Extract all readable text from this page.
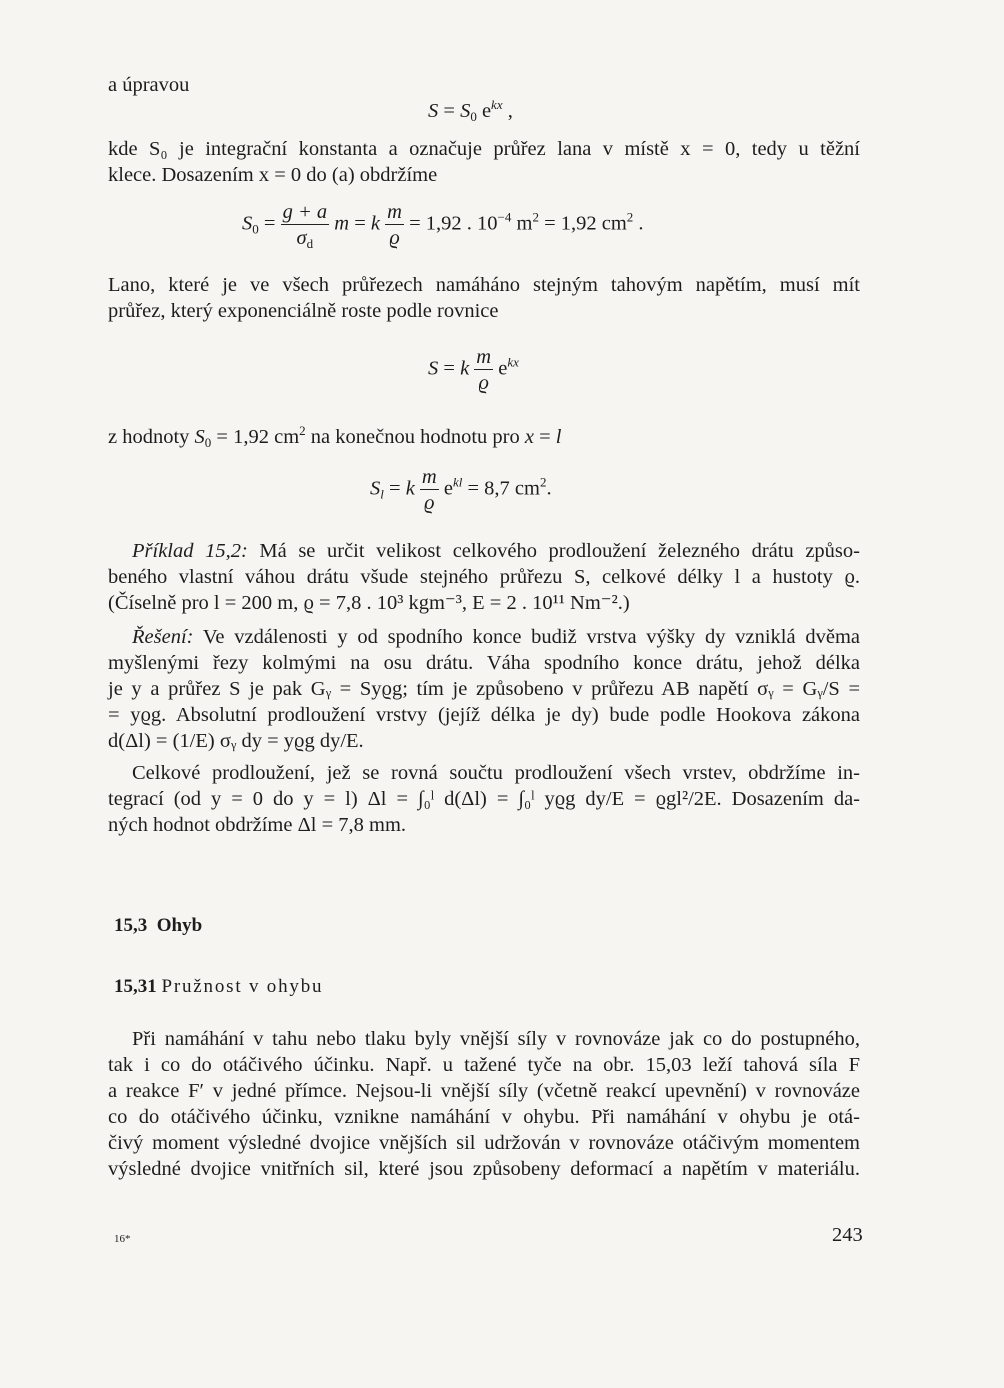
a úpravou
$S = S_0$ $e^{kx}$ ,
kde S₀ je integrační konstanta a označuje průřez lana v místě x = 0, tedy u těžní
klece. Dosazením x = 0 do (a) obdržíme
$S_0 = \frac{g + a}{\sigma_d}$ m = k $\frac{m}{ϱ} = 1,92$ . $10^{-4}$ $m^2 = 1,92$ $cm^2$ .
Lano, které je ve všech průřezech namáháno stejným tahovým napětím, musí mít
průřez, který exponenciálně roste podle rovnice
S = k $\frac{m}{ϱ} e^{kx}$
z hodnoty $S_0 = 1,92$ $cm^2$ na konečnou hodnotu pro x = l
$S_l = k \frac{m}{ϱ} e^{kl} = 8,7$ $cm^2$.
Příklad 15,2: Má se určit velikost celkového prodloužení železného drátu způso-
beného vlastní váhou drátu všude stejného průřezu S, celkové délky l a hustoty ϱ.
(Číselně pro l = 200 m, ϱ = 7,8 . 10³ kgm⁻³, E = 2 . 10¹¹ Nm⁻².)
Řešení: Ve vzdálenosti y od spodního konce budiž vrstva výšky dy vzniklá dvěma
myšlenými řezy kolmými na osu drátu. Váha spodního konce drátu, jehož délka
je y a průřez S je pak Gᵧ = Syϱg; tím je způsobeno v průřezu AB napětí σᵧ = Gᵧ/S =
= yϱg. Absolutní prodloužení vrstvy (jejíž délka je dy) bude podle Hookova zákona
d(Δl) = (1/E) σᵧ dy = yϱg dy/E.
Celkové prodloužení, jež se rovná součtu prodloužení všech vrstev, obdržíme in-
tegrací (od y = 0 do y = l) Δl = ∫₀ˡ d(Δl) = ∫₀ˡ yϱg dy/E = ϱgl²/2E. Dosazením da-
ných hodnot obdržíme Δl = 7,8 mm.
15,3 Ohyb
15,31 Pružnost v ohybu
Při namáhání v tahu nebo tlaku byly vnější síly v rovnováze jak co do postupného,
tak i co do otáčivého účinku. Např. u tažené tyče na obr. 15,03 leží tahová síla F
a reakce F′ v jedné přímce. Nejsou-li vnější síly (včetně reakcí upevnění) v rovnováze
co do otáčivého účinku, vznikne namáhání v ohybu. Při namáhání v ohybu je otá-
čivý moment výsledné dvojice vnějších sil udržován v rovnováze otáčivým momentem
výsledné dvojice vnitřních sil, které jsou způsobeny deformací a napětím v materiálu.
16*	243
